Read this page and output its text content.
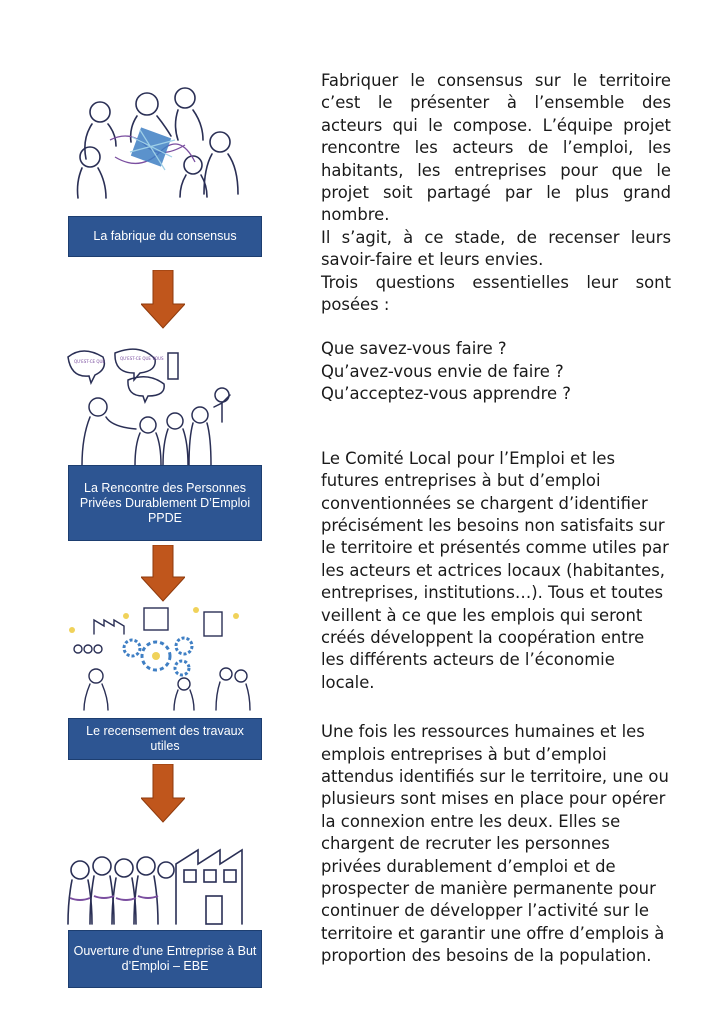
La fabrique du consensus
QU'EST-CE QUE
QU'EST-CE QUE VOUS
La Rencontre des Personnes Privées Durablement D’Emploi PPDE
Le recensement des travaux utiles
Ouverture d’une Entreprise à But d’Emploi – EBE

Fabriquer le consensus sur le territoire c’est le présenter à l’ensemble des acteurs qui le compose. L’équipe projet rencontre les acteurs de l’emploi, les habitants, les entreprises pour que le projet soit partagé par le plus grand nombre.

Il s’agit, à ce stade, de recenser leurs savoir-faire et leurs envies.

Trois questions essentielles leur sont posées :

Que savez-vous faire ?

Qu’avez-vous envie de faire ?

Qu’acceptez-vous apprendre ?

Le Comité Local pour l’Emploi et les futures entreprises à but d’emploi conventionnées se chargent d’identifier précisément les besoins non satisfaits sur le territoire et présentés comme utiles par les acteurs et actrices locaux (habitantes, entreprises, institutions…). Tous et toutes veillent à ce que les emplois qui seront créés développent la coopération entre les différents acteurs de l’économie locale.

Une fois les ressources humaines et les emplois entreprises à but d’emploi attendus identifiés sur le territoire, une ou plusieurs sont mises en place pour opérer la connexion entre les deux. Elles se chargent de recruter les personnes privées durablement d’emploi et de prospecter de manière permanente pour continuer de développer l’activité sur le territoire et garantir une offre d’emplois à proportion des besoins de la population.
